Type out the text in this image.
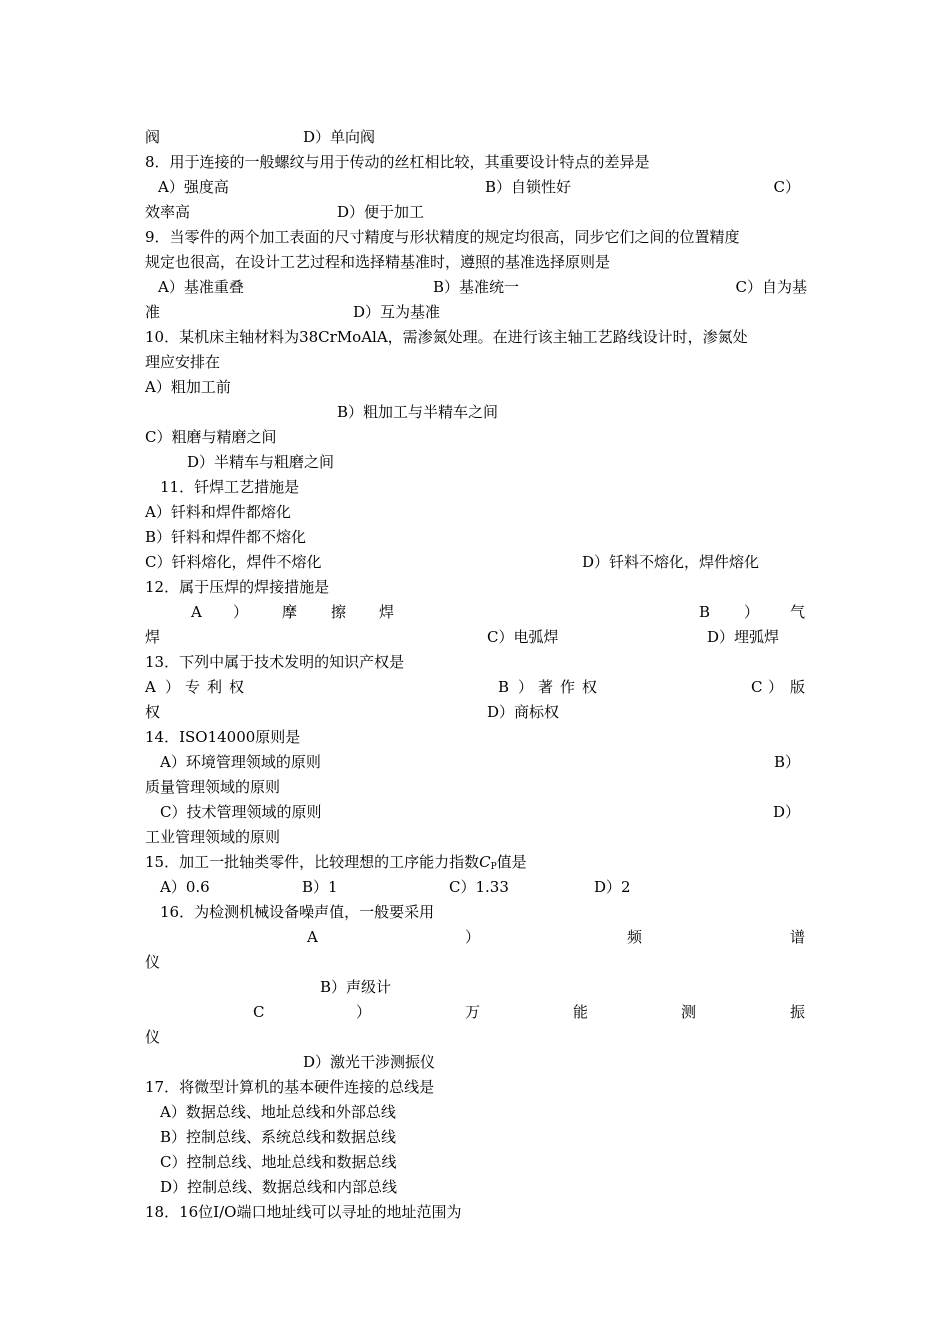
阀	D）单向阀
8．用于连接的一般螺纹与用于传动的丝杠相比较，其重要设计特点的差异是
A）强度高	B）自锁性好	C）
效率高	D）便于加工
9．当零件的两个加工表面的尺寸精度与形状精度的规定均很高，同步它们之间的位置精度
规定也很高，在设计工艺过程和选择精基准时，遵照的基准选择原则是
A）基准重叠	B）基准统一	C）自为基
准	D）互为基准
10．某机床主轴材料为38CrMoAlA，需渗氮处理。在进行该主轴工艺路线设计时，渗氮处
理应安排在
A）粗加工前
B）粗加工与半精车之间
C）粗磨与精磨之间
D）半精车与粗磨之间
11．钎焊工艺措施是
A）钎料和焊件都熔化
B）钎料和焊件都不熔化
C）钎料熔化，焊件不熔化	D）钎料不熔化，焊件熔化
12．属于压焊的焊接措施是
A ） 摩 擦 焊	B ） 气
焊	C）电弧焊	D）埋弧焊
13．下列中属于技术发明的知识产权是
A ） 专 利 权	B ） 著 作 权	C ） 版
权	D）商标权
14．ISO14000原则是
A）环境管理领域的原则	B）
质量管理领域的原则
C）技术管理领域的原则	D）
工业管理领域的原则
15．加工一批轴类零件，比较理想的工序能力指数$C_P$值是
A）0.6	B）1	C）1.33	D）2
16．为检测机械设备噪声值，一般要采用
A	）	频	谱
仪
B）声级计
C	）	万	能	测	振
仪
D）激光干涉测振仪
17．将微型计算机的基本硬件连接的总线是
A）数据总线、地址总线和外部总线
B）控制总线、系统总线和数据总线
C）控制总线、地址总线和数据总线
D）控制总线、数据总线和内部总线
18．16位I/O端口地址线可以寻址的地址范围为
